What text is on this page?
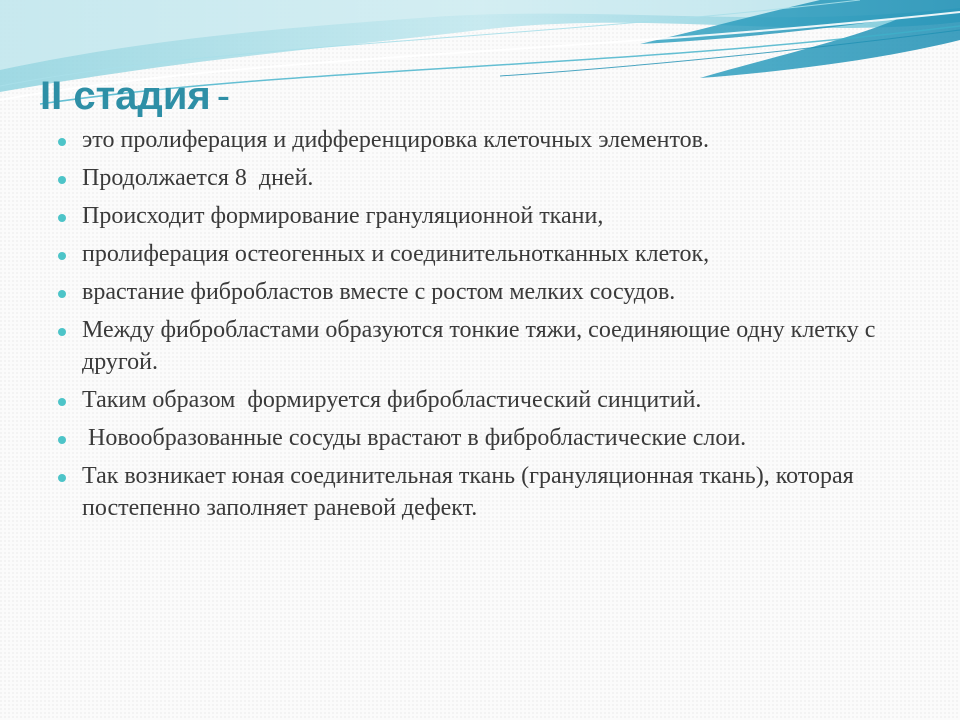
II стадия -
это пролиферация и дифференцировка клеточных элементов.
Продолжается 8  дней.
Происходит формирование грануляционной ткани,
пролиферация остеогенных и соединительнотканных клеток,
врастание фибробластов вместе с ростом мелких сосудов.
Между фибробластами образуются тонкие тяжи, соединяющие одну клетку с другой.
Таким образом  формируется фибробластический синцитий.
Новообразованные сосуды врастают в фибробластические слои.
Так возникает юная соединительная ткань (грануляционная ткань), которая постепенно заполняет раневой дефект.
